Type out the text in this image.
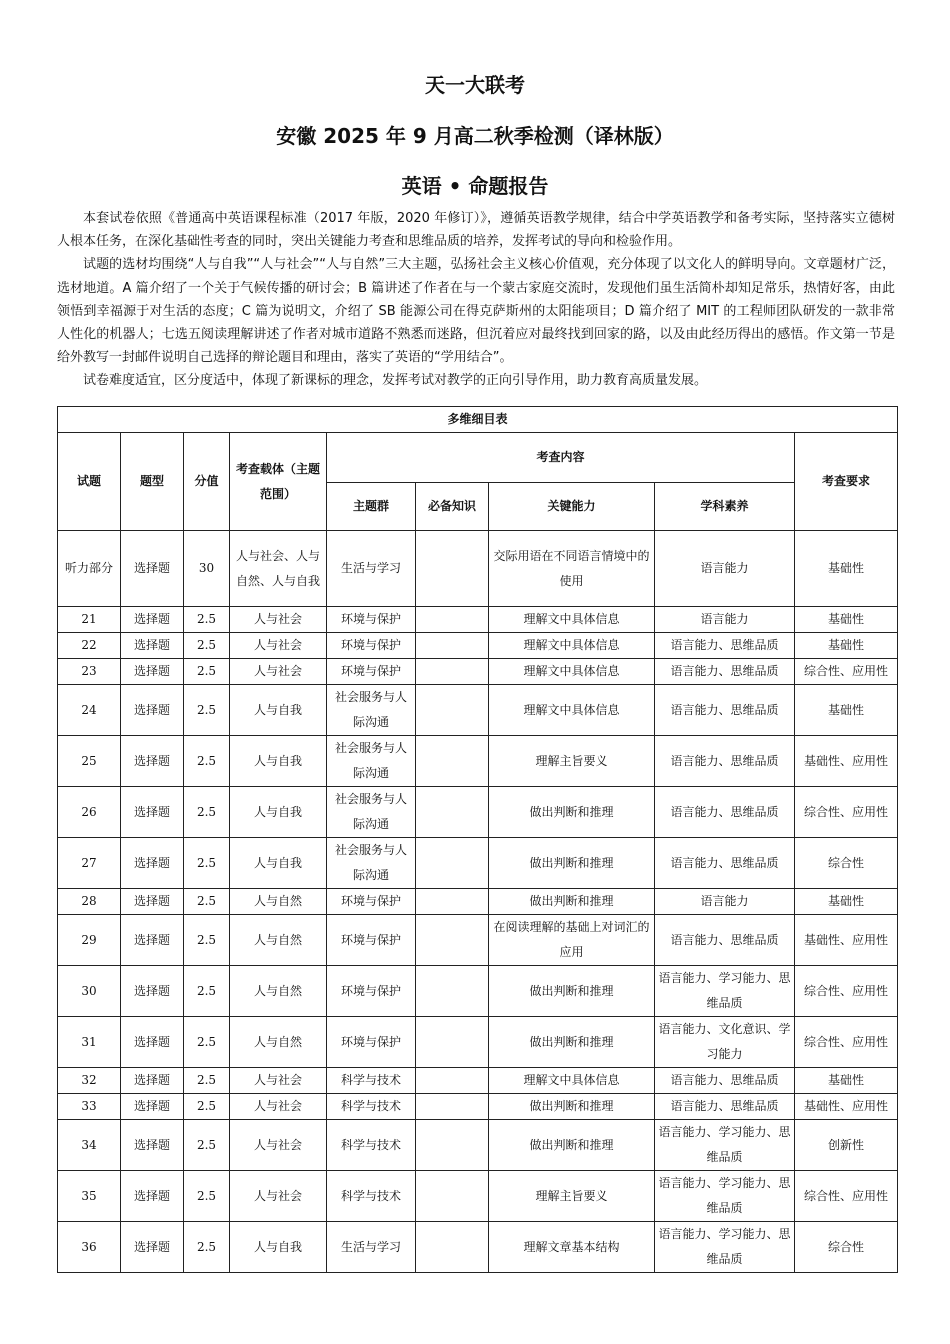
天一大联考
安徽 2025 年 9 月高二秋季检测（译林版）
英语 • 命题报告

本套试卷依照《普通高中英语课程标准（2017 年版，2020 年修订）》，遵循英语教学规律，结合中学英语教学和备考实际，坚持落实立德树人根本任务，在深化基础性考查的同时，突出关键能力考查和思维品质的培养，发挥考试的导向和检验作用。

试题的选材均围绕“人与自我”“人与社会”“人与自然”三大主题，弘扬社会主义核心价值观，充分体现了以文化人的鲜明导向。文章题材广泛，选材地道。A 篇介绍了一个关于气候传播的研讨会；B 篇讲述了作者在与一个蒙古家庭交流时，发现他们虽生活简朴却知足常乐，热情好客，由此领悟到幸福源于对生活的态度；C 篇为说明文，介绍了 SB 能源公司在得克萨斯州的太阳能项目；D 篇介绍了 MIT 的工程师团队研发的一款非常人性化的机器人；七选五阅读理解讲述了作者对城市道路不熟悉而迷路，但沉着应对最终找到回家的路，以及由此经历得出的感悟。作文第一节是给外教写一封邮件说明自己选择的辩论题目和理由，落实了英语的“学用结合”。

试卷难度适宜，区分度适中，体现了新课标的理念，发挥考试对教学的正向引导作用，助力教育高质量发展。

多维细目表								
试题	题型	分值	考查载体（主题范围）	考查内容				考查要求
				主题群	必备知识	关键能力	学科素养	
听力部分	选择题	30	人与社会、人与自然、人与自我	生活与学习		交际用语在不同语言情境中的使用	语言能力	基础性
21	选择题	2.5	人与社会	环境与保护		理解文中具体信息	语言能力	基础性
22	选择题	2.5	人与社会	环境与保护		理解文中具体信息	语言能力、思维品质	基础性
23	选择题	2.5	人与社会	环境与保护		理解文中具体信息	语言能力、思维品质	综合性、应用性
24	选择题	2.5	人与自我	社会服务与人际沟通		理解文中具体信息	语言能力、思维品质	基础性
25	选择题	2.5	人与自我	社会服务与人际沟通		理解主旨要义	语言能力、思维品质	基础性、应用性
26	选择题	2.5	人与自我	社会服务与人际沟通		做出判断和推理	语言能力、思维品质	综合性、应用性
27	选择题	2.5	人与自我	社会服务与人际沟通		做出判断和推理	语言能力、思维品质	综合性
28	选择题	2.5	人与自然	环境与保护		做出判断和推理	语言能力	基础性
29	选择题	2.5	人与自然	环境与保护		在阅读理解的基础上对词汇的应用	语言能力、思维品质	基础性、应用性
30	选择题	2.5	人与自然	环境与保护		做出判断和推理	语言能力、学习能力、思维品质	综合性、应用性
31	选择题	2.5	人与自然	环境与保护		做出判断和推理	语言能力、文化意识、学习能力	综合性、应用性
32	选择题	2.5	人与社会	科学与技术		理解文中具体信息	语言能力、思维品质	基础性
33	选择题	2.5	人与社会	科学与技术		做出判断和推理	语言能力、思维品质	基础性、应用性
34	选择题	2.5	人与社会	科学与技术		做出判断和推理	语言能力、学习能力、思维品质	创新性
35	选择题	2.5	人与社会	科学与技术		理解主旨要义	语言能力、学习能力、思维品质	综合性、应用性
36	选择题	2.5	人与自我	生活与学习		理解文章基本结构	语言能力、学习能力、思维品质	综合性
